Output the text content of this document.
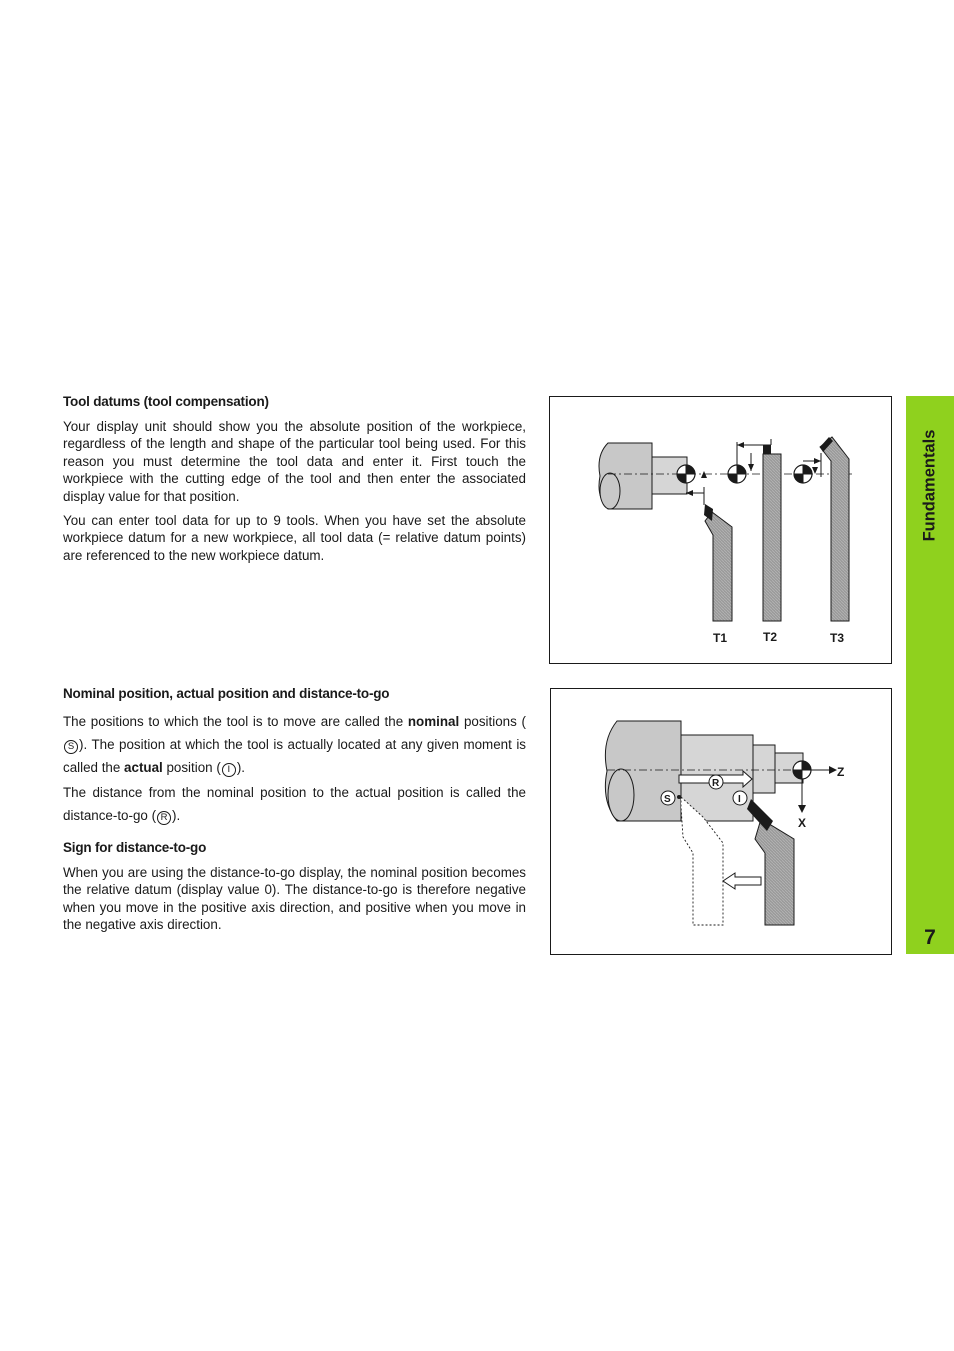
Tool datums (tool compensation)

Your display unit should show you the absolute position of the workpiece, regardless of the length and shape of the particular tool being used. For this reason you must determine the tool data and enter it. First touch the workpiece with the cutting edge of the tool and then enter the associated display value for that position.

You can enter tool data for up to 9 tools. When you have set the absolute workpiece datum for a new workpiece, all tool data (= relative datum points) are referenced to the new workpiece datum.

T1	T2	T3
Nominal position, actual position and distance-to-go

The positions to which the tool is to move are called the nominal positions (S ). The position at which the tool is actually located at any given moment is called the actual position ( I ).

The distance from the nominal position to the actual position is called the distance-to-go ( R ).

Sign for distance-to-go

When you are using the distance-to-go display, the nominal position becomes the relative datum (display value 0). The distance-to-go is therefore negative when you move in the positive axis direction, and positive when you move in the negative axis direction.

Z
X
R
S	I
Fundamentals
7
